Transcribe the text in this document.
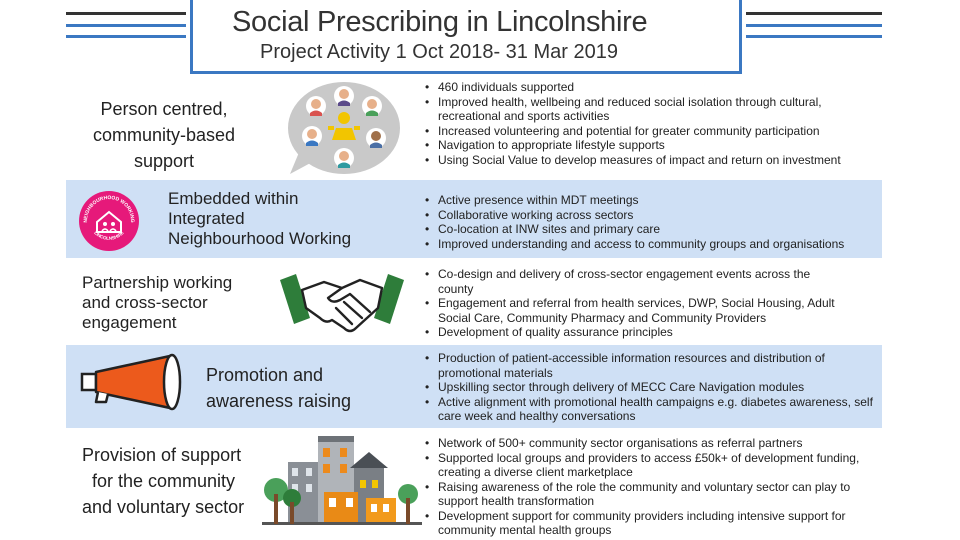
Social Prescribing in Lincolnshire
Project Activity 1 Oct 2018- 31 Mar 2019
Person centred,
community-based
support
• 460 individuals supported
• Improved health, wellbeing and reduced social isolation through cultural, recreational and sports activities
• Increased volunteering and potential for greater community participation
• Navigation to appropriate lifestyle supports
• Using Social Value to develop measures of impact and return on investment
NEIGHBOURHOOD WORKING
LINCOLNSHIRE
Embedded within
Integrated
Neighbourhood Working
• Active presence within MDT meetings
• Collaborative working across sectors
• Co-location at INW sites and primary care
• Improved understanding and access to community groups and organisations
Partnership working
and cross-sector
engagement
• Co-design and delivery of cross-sector engagement events across the county
• Engagement and referral from health services, DWP, Social Housing, Adult Social Care, Community Pharmacy and Community Providers
• Development of quality assurance principles
Promotion and
awareness raising
• Production of patient-accessible information resources and distribution of promotional materials
• Upskilling sector through delivery of MECC Care Navigation modules
• Active alignment with promotional health campaigns e.g. diabetes awareness, self care week and healthy conversations
Provision of support
for the community
and voluntary sector
• Network of 500+ community sector organisations as referral partners
• Supported local groups and providers to access £50k+ of development funding, creating a diverse client marketplace
• Raising awareness of the role the community and voluntary sector can play to support health transformation
• Development support for community providers including intensive support for community mental health groups
